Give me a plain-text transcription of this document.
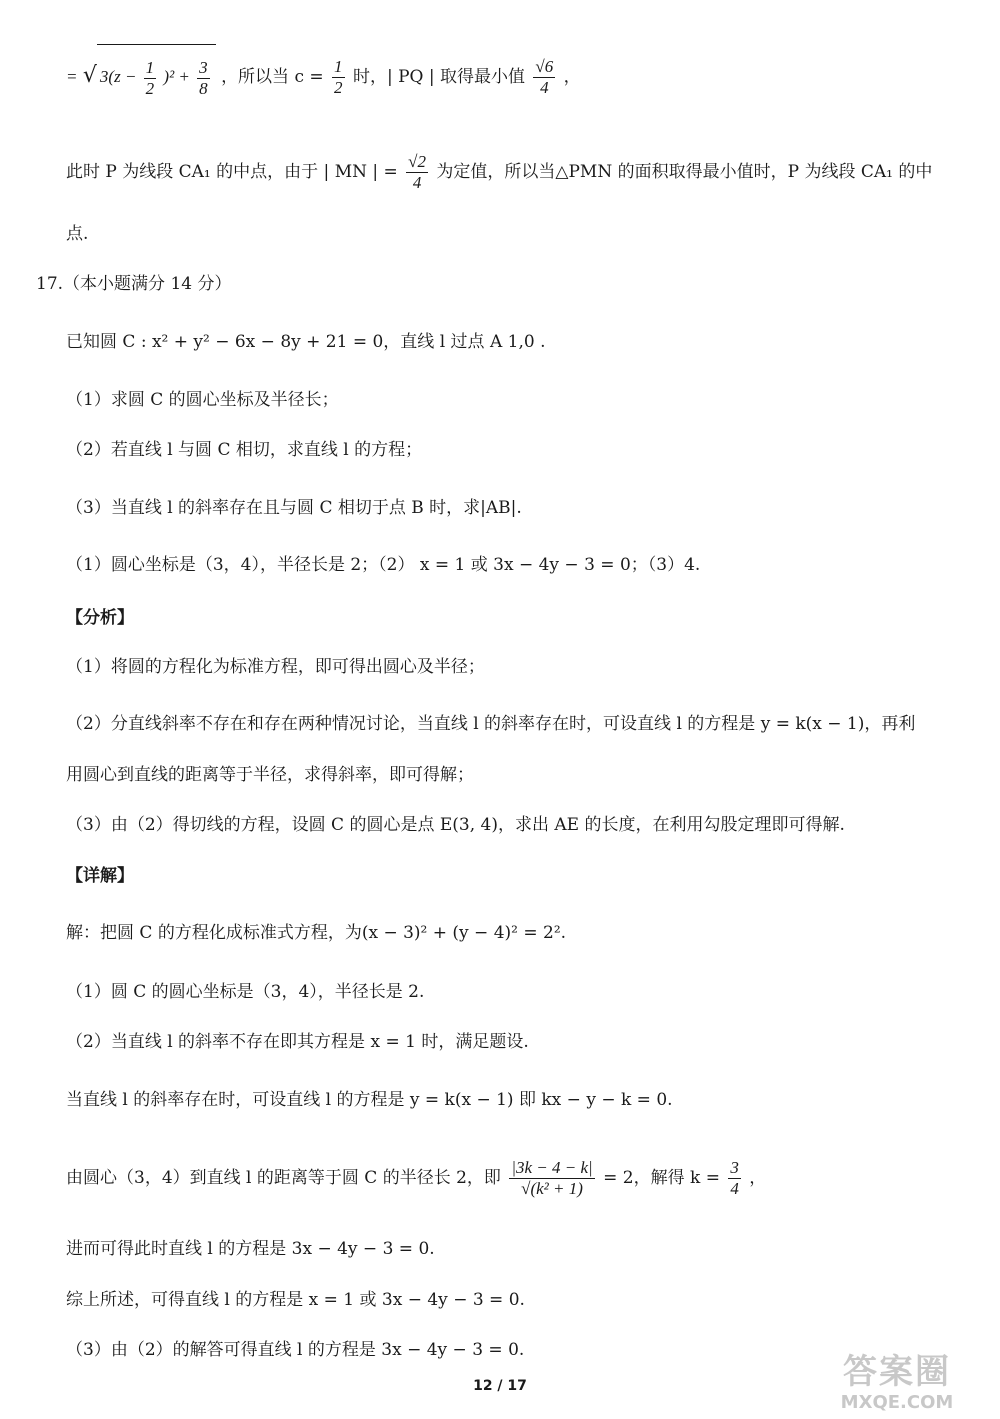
= √ $3(z - \frac{1}{2} )^2 + \frac{3}{8}$ ，所以当 $c = \frac{1}{2}$ 时，| PQ | 取得最小值 $\frac{√6}{4}$ ，
此时 P 为线段 CA₁ 的中点，由于 | MN | = $\frac{√2}{4}$ 为定值，所以当△PMN 的面积取得最小值时，P 为线段 CA₁ 的中
点.
17.（本小题满分 14 分）
已知圆 C : x² + y² − 6x − 8y + 21 = 0，直线 l 过点 A 1,0 .
（1）求圆 C 的圆心坐标及半径长；
（2）若直线 l 与圆 C 相切，求直线 l 的方程；
（3）当直线 l 的斜率存在且与圆 C 相切于点 B 时，求|AB|.
（1）圆心坐标是（3，4），半径长是 2；（2） x = 1 或 3x − 4y − 3 = 0；（3）4.
【分析】
（1）将圆的方程化为标准方程，即可得出圆心及半径；
（2）分直线斜率不存在和存在两种情况讨论，当直线 l 的斜率存在时，可设直线 l 的方程是 y = k(x − 1)，再利
用圆心到直线的距离等于半径，求得斜率，即可得解；
（3）由（2）得切线的方程，设圆 C 的圆心是点 E(3, 4)，求出 AE 的长度，在利用勾股定理即可得解.
【详解】
解：把圆 C 的方程化成标准式方程，为(x − 3)² + (y − 4)² = 2².
（1）圆 C 的圆心坐标是（3，4），半径长是 2.
（2）当直线 l 的斜率不存在即其方程是 x = 1 时，满足题设.
当直线 l 的斜率存在时，可设直线 l 的方程是 y = k(x − 1) 即 kx − y − k = 0.
由圆心（3，4）到直线 l 的距离等于圆 C 的半径长 2，即 $\frac{|3k - 4 - k|}{\text{√(k² + 1)}} = 2$，解得 $k = \frac{3}{4}$ ，
进而可得此时直线 l 的方程是 3x − 4y − 3 = 0.
综上所述，可得直线 l 的方程是 x = 1 或 3x − 4y − 3 = 0.
（3）由（2）的解答可得直线 l 的方程是 3x − 4y − 3 = 0.
12 / 17	答案圈
MXQE.COM
